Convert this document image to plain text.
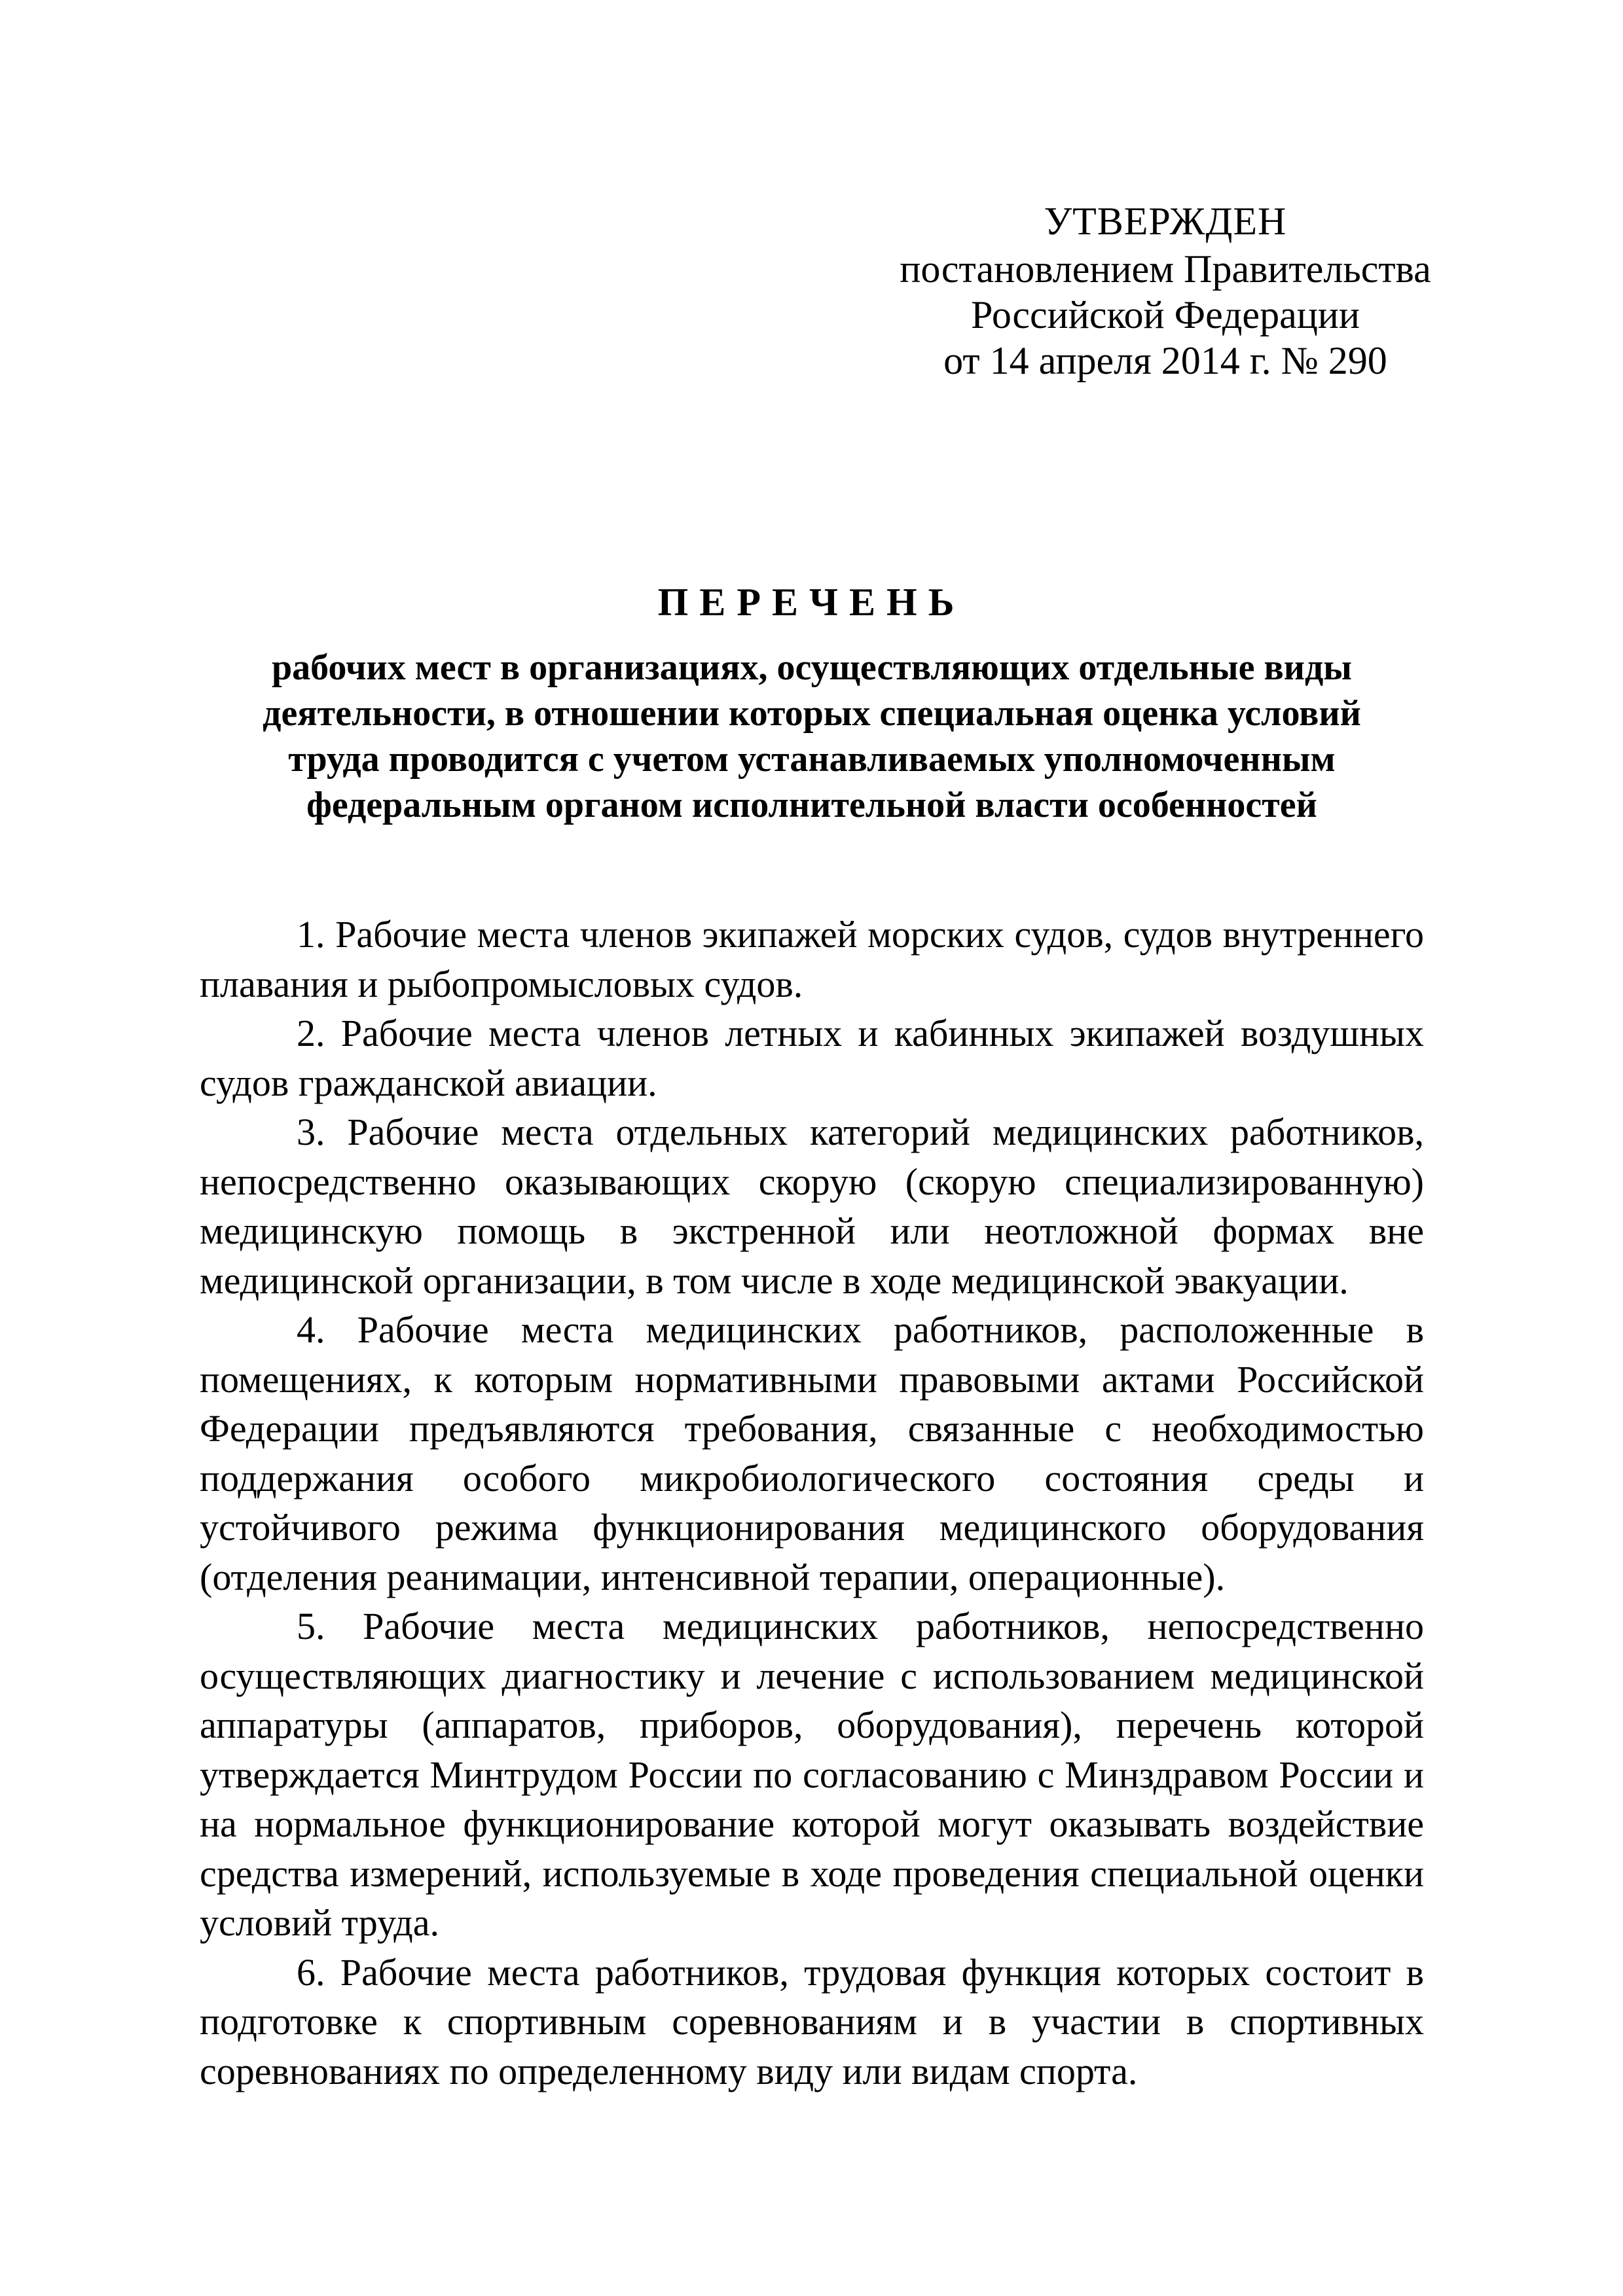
УТВЕРЖДЕН
постановлением Правительства
Российской Федерации
от 14 апреля 2014 г. № 290
ПЕРЕЧЕНЬ
рабочих мест в организациях, осуществляющих отдельные виды
деятельности, в отношении которых специальная оценка условий
труда проводится с учетом устанавливаемых уполномоченным
федеральным органом исполнительной власти особенностей

1. Рабочие места членов экипажей морских судов, судов внутреннего плавания и рыбопромысловых судов.

2. Рабочие места членов летных и кабинных экипажей воздушных судов гражданской авиации.

3. Рабочие места отдельных категорий медицинских работников, непосредственно оказывающих скорую (скорую специализированную) медицинскую помощь в экстренной или неотложной формах вне медицинской организации, в том числе в ходе медицинской эвакуации.

4. Рабочие места медицинских работников, расположенные в помещениях, к которым нормативными правовыми актами Российской Федерации предъявляются требования, связанные с необходимостью поддержания особого микробиологического состояния среды и устойчивого режима функционирования медицинского оборудования (отделения реанимации, интенсивной терапии, операционные).

5. Рабочие места медицинских работников, непосредственно осуществляющих диагностику и лечение с использованием медицинской аппаратуры (аппаратов, приборов, оборудования), перечень которой утверждается Минтрудом России по согласованию с Минздравом России и на нормальное функционирование которой могут оказывать воздействие средства измерений, используемые в ходе проведения специальной оценки условий труда.

6. Рабочие места работников, трудовая функция которых состоит в подготовке к спортивным соревнованиям и в участии в спортивных соревнованиях по определенному виду или видам спорта.
